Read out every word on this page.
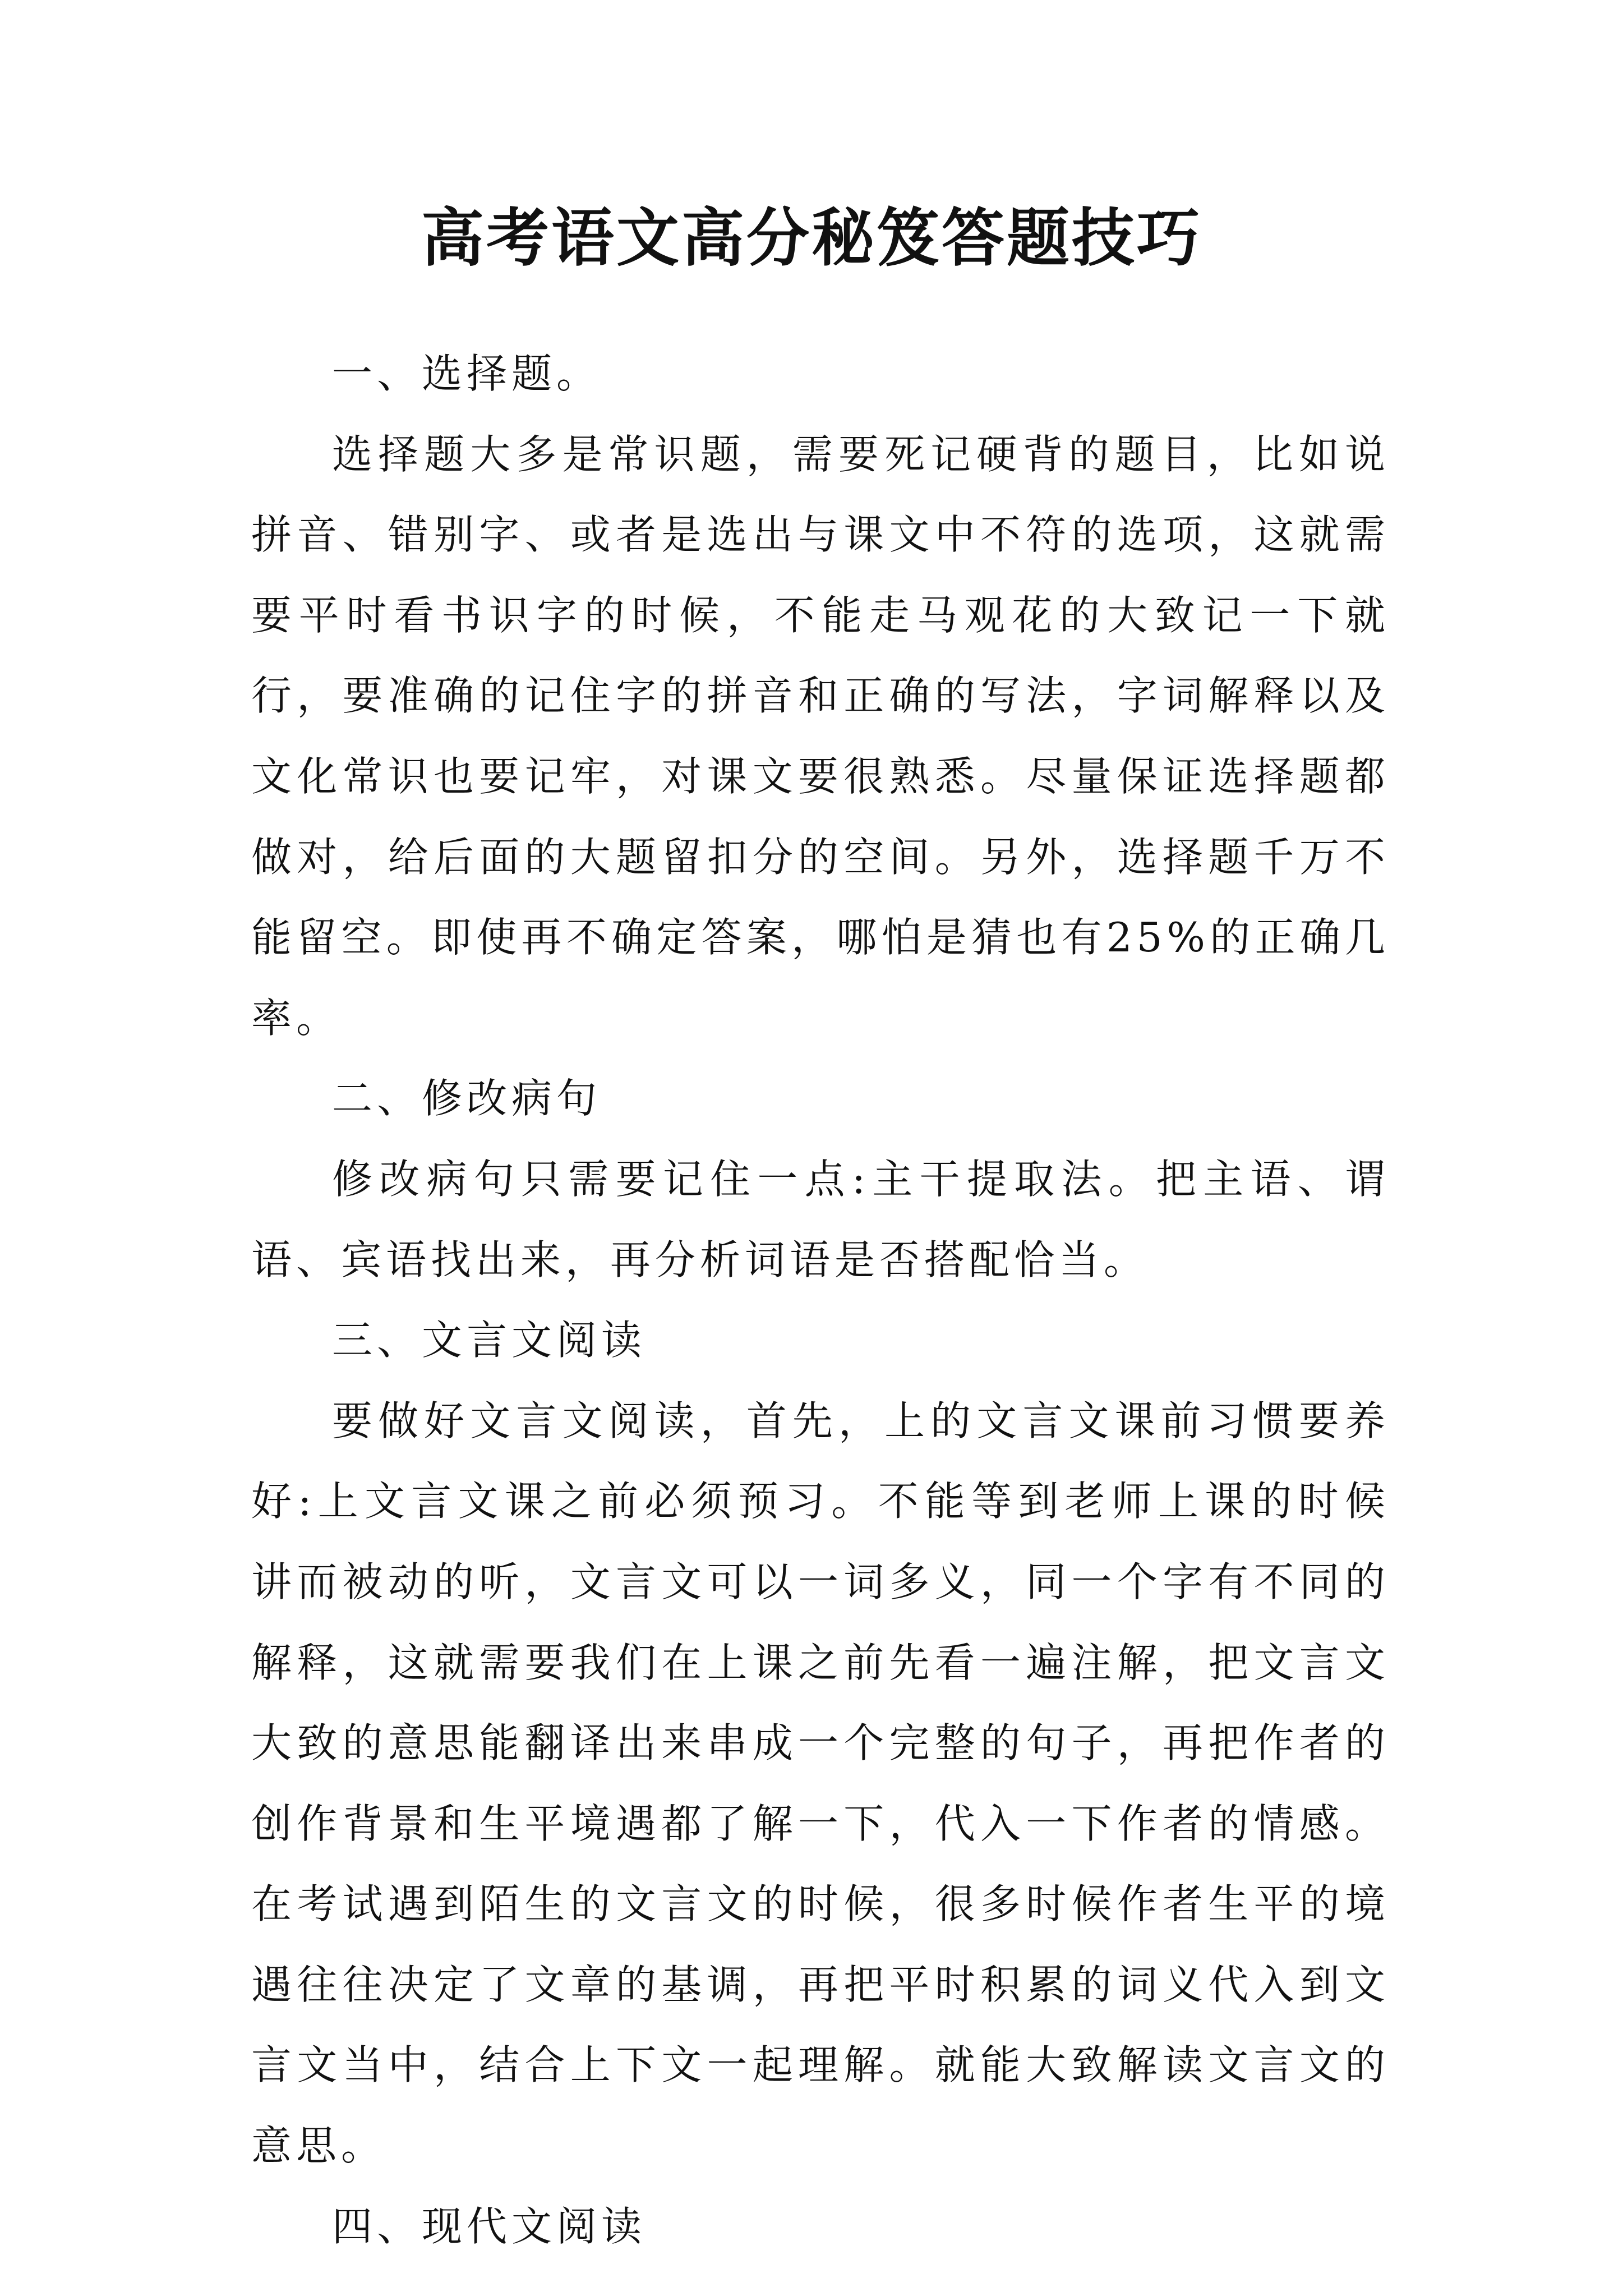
高考语文高分秘笈答题技巧

一、选择题。

选择题大多是常识题，需要死记硬背的题目，比如说拼音、错别字、或者是选出与课文中不符的选项，这就需要平时看书识字的时候，不能走马观花的大致记一下就行，要准确的记住字的拼音和正确的写法，字词解释以及文化常识也要记牢，对课文要很熟悉。尽量保证选择题都做对，给后面的大题留扣分的空间。另外，选择题千万不能留空。即使再不确定答案，哪怕是猜也有25%的正确几率。

二、修改病句

修改病句只需要记住一点:主干提取法。把主语、谓语、宾语找出来，再分析词语是否搭配恰当。

三、文言文阅读

要做好文言文阅读，首先，上的文言文课前习惯要养好:上文言文课之前必须预习。不能等到老师上课的时候讲而被动的听，文言文可以一词多义，同一个字有不同的解释，这就需要我们在上课之前先看一遍注解，把文言文大致的意思能翻译出来串成一个完整的句子，再把作者的创作背景和生平境遇都了解一下，代入一下作者的情感。在考试遇到陌生的文言文的时候，很多时候作者生平的境遇往往决定了文章的基调，再把平时积累的词义代入到文言文当中，结合上下文一起理解。就能大致解读文言文的意思。

四、现代文阅读
